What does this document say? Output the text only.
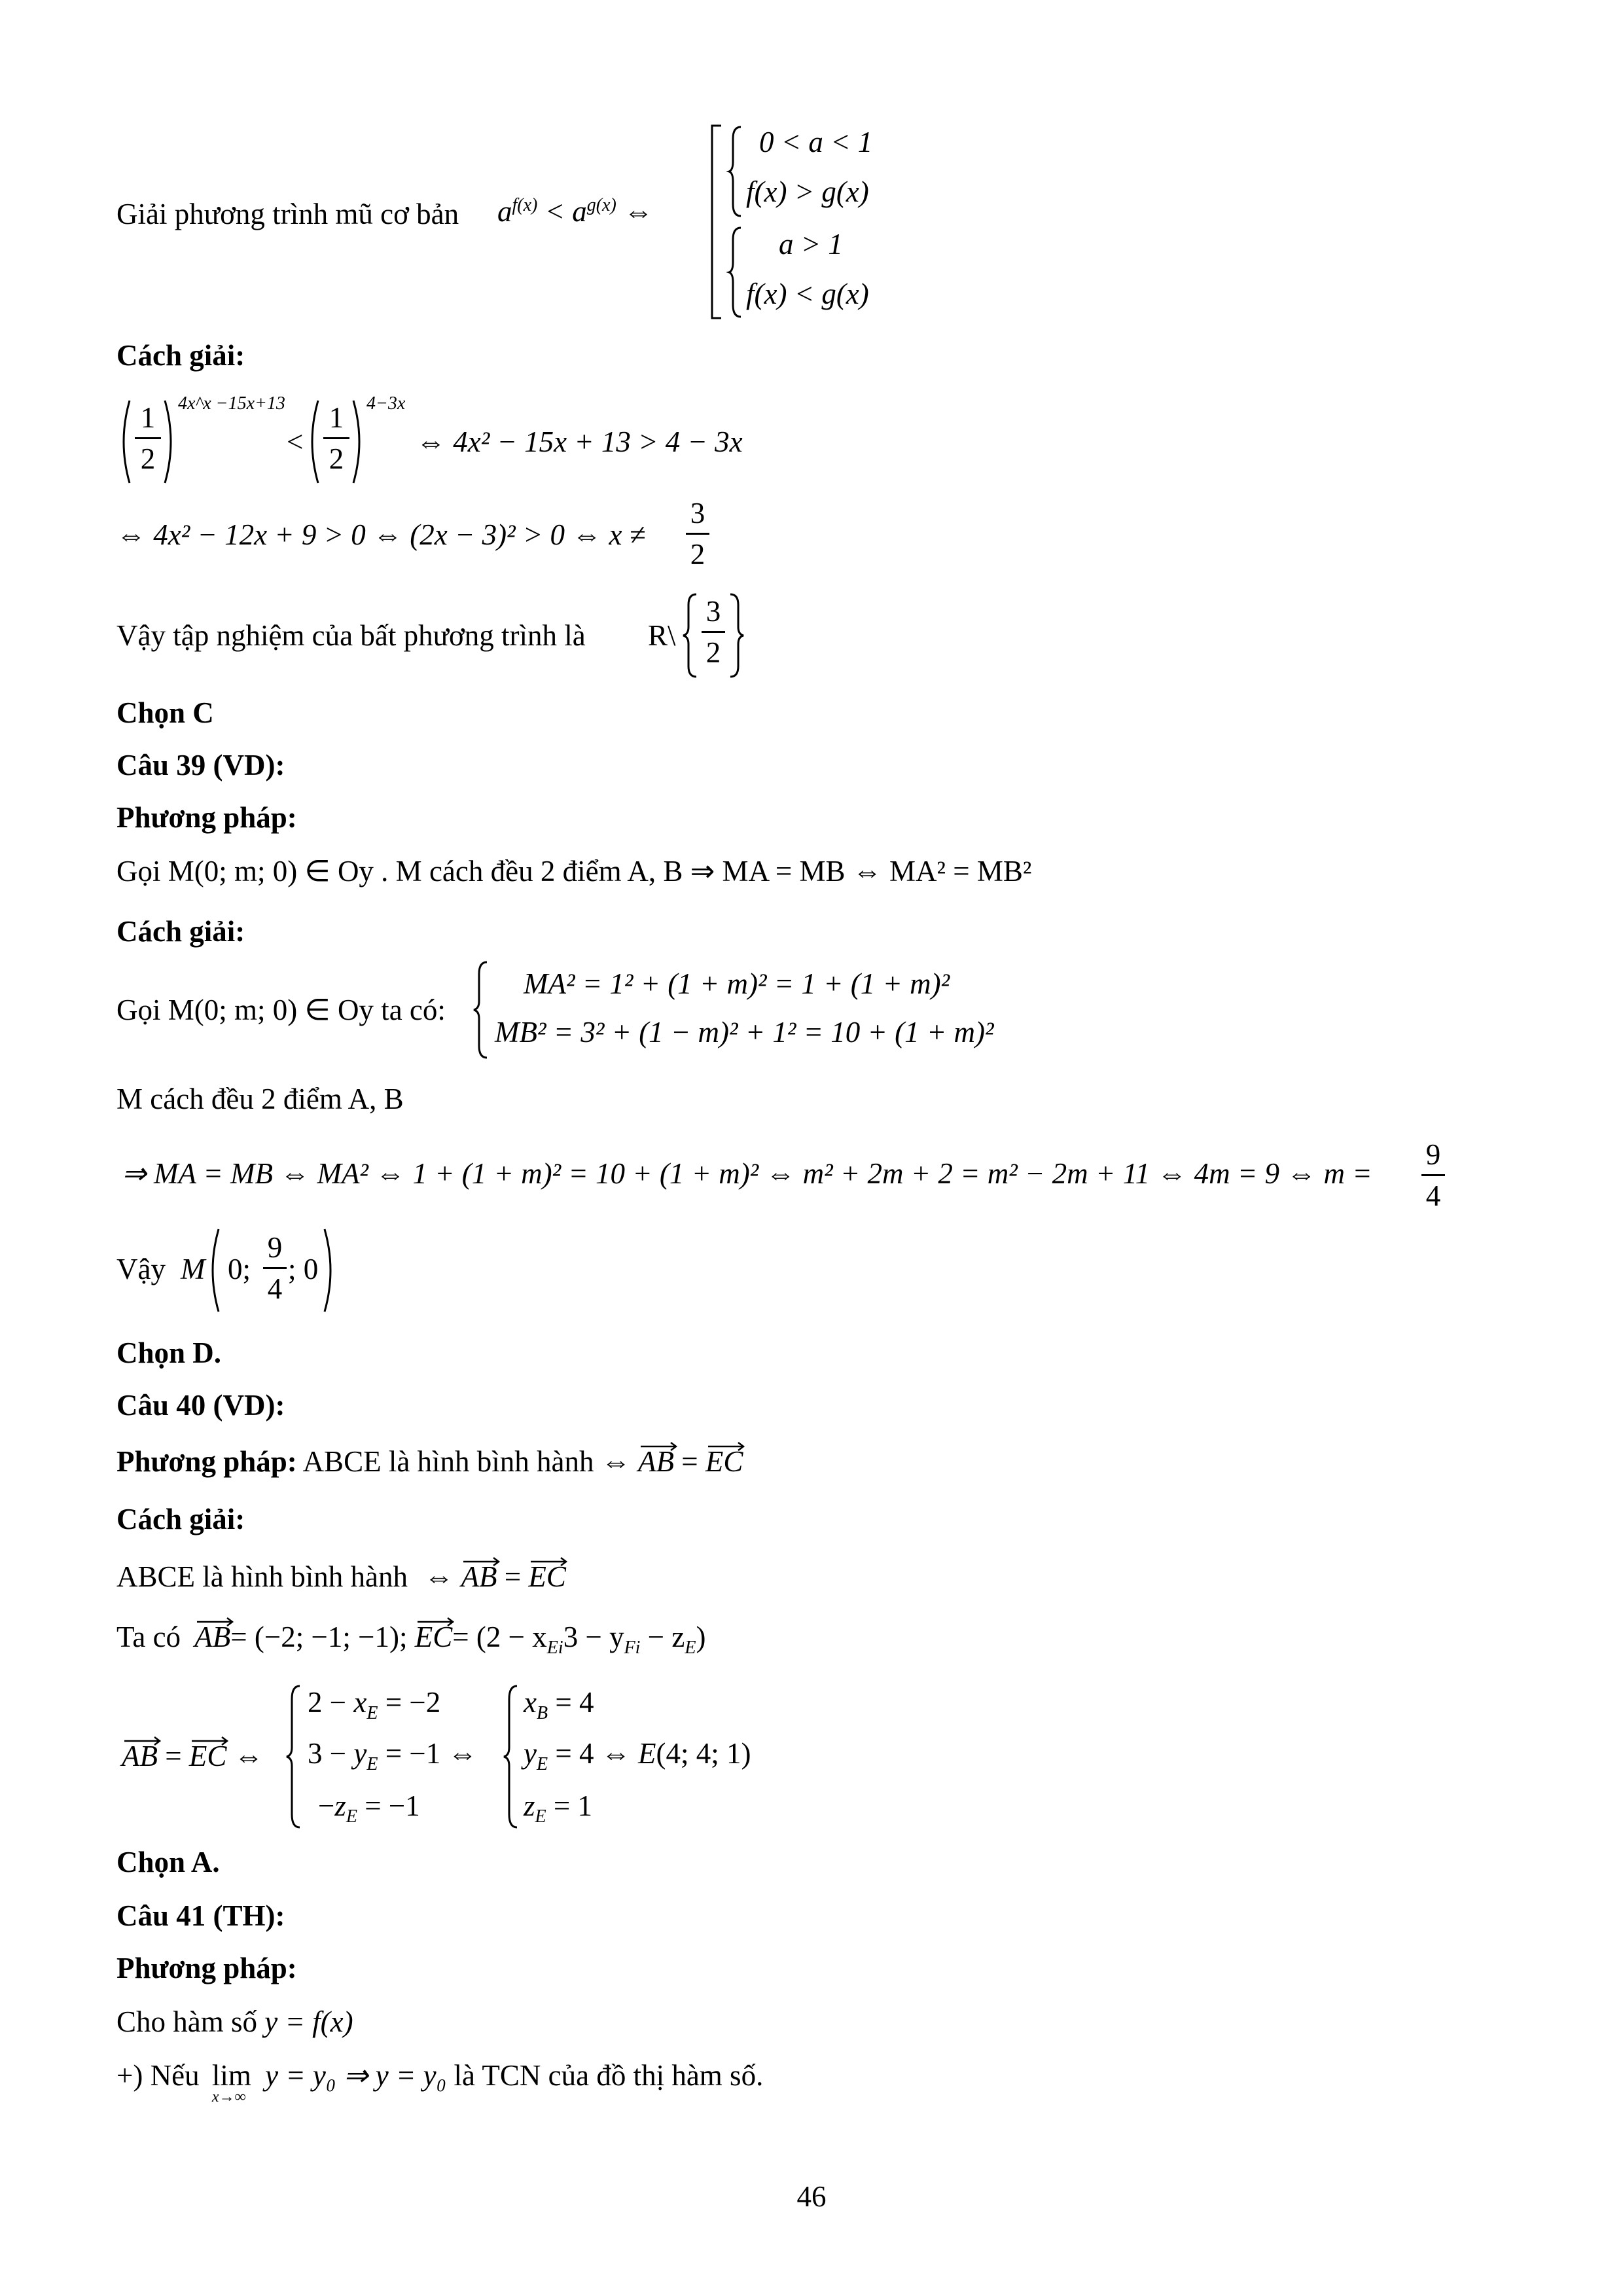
Giải phương trình mũ cơ bản $a^{f(x)} < a^{g(x)}$ ⇔
0 < a < 1
f(x) > g(x)
a > 1
f(x) < g(x)
Cách giải:
1
2
4x^x −15x+13
<
1
2
4−3x
⇔ 4x² − 15x + 13 > 4 − 3x
⇔ 4x² − 12x + 9 > 0 ⇔ (2x − 3)² > 0 ⇔ x ≠
3
2
Vậy tập nghiệm của bất phương trình là R\
3
2
Chọn C
Câu 39 (VD):
Phương pháp:
Gọi M(0; m; 0) ∈ Oy . M cách đều 2 điểm A, B ⇒ MA = MB ⇔ MA² = MB²
Cách giải:
Gọi M(0; m; 0) ∈ Oy ta có:
MA² = 1² + (1 + m)² = 1 + (1 + m)²
MB² = 3² + (1 − m)² + 1² = 10 + (1 + m)²
M cách đều 2 điểm A, B
⇒ MA = MB ⇔ MA² ⇔ 1 + (1 + m)² = 10 + (1 + m)² ⇔ m² + 2m + 2 = m² − 2m + 11 ⇔ 4m = 9 ⇔ m =
9
4
Vậy M 0;
9
4
; 0
Chọn D.
Câu 40 (VD):
Phương pháp: ABCE là hình bình hành ⇔ AB = EC
Cách giải:
ABCE là hình bình hành ⇔ AB = EC
Ta có AB= (−2; −1; −1); $EC= (2 - x_{Ei}3 - y_{Fi} - z_E)$
AB = EC ⇔
$2 - x_E = -2$
$3 - y_E = -1$ ⇔
$-z_E = -1$
$x_B = 4$
$y_E = 4$ ⇔ E(4; 4; 1)
$z_E = 1$
Chọn A.
Câu 41 (TH):
Phương pháp:
Cho hàm số y = f(x)
+) Nếu lim
x→∞
y = y₀ ⇒ y = y₀ là TCN của đồ thị hàm số.
46
